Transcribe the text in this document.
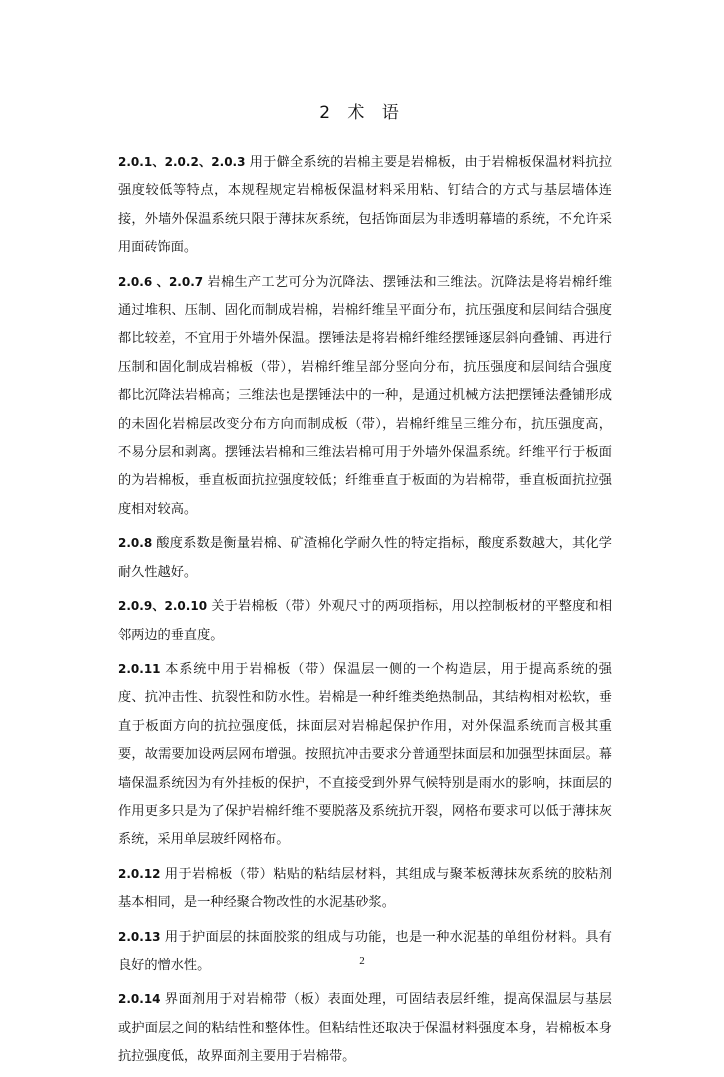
2 术 语

2.0.1、2.0.2、2.0.3 用于僻全系统的岩棉主要是岩棉板，由于岩棉板保温材料抗拉强度较低等特点，本规程规定岩棉板保温材料采用粘、钉结合的方式与基层墙体连接，外墙外保温系统只限于薄抹灰系统，包括饰面层为非透明幕墙的系统，不允许采用面砖饰面。

2.0.6 、2.0.7 岩棉生产工艺可分为沉降法、摆锤法和三维法。沉降法是将岩棉纤维通过堆积、压制、固化而制成岩棉，岩棉纤维呈平面分布，抗压强度和层间结合强度都比较差，不宜用于外墙外保温。摆锤法是将岩棉纤维经摆锤逐层斜向叠铺、再进行压制和固化制成岩棉板（带），岩棉纤维呈部分竖向分布，抗压强度和层间结合强度都比沉降法岩棉高；三维法也是摆锤法中的一种，是通过机械方法把摆锤法叠铺形成的未固化岩棉层改变分布方向而制成板（带），岩棉纤维呈三维分布，抗压强度高，不易分层和剥离。摆锤法岩棉和三维法岩棉可用于外墙外保温系统。纤维平行于板面的为岩棉板，垂直板面抗拉强度较低；纤维垂直于板面的为岩棉带，垂直板面抗拉强度相对较高。

2.0.8 酸度系数是衡量岩棉、矿渣棉化学耐久性的特定指标，酸度系数越大，其化学耐久性越好。

2.0.9、2.0.10 关于岩棉板（带）外观尺寸的两项指标，用以控制板材的平整度和相邻两边的垂直度。

2.0.11 本系统中用于岩棉板（带）保温层一侧的一个构造层，用于提高系统的强度、抗冲击性、抗裂性和防水性。岩棉是一种纤维类绝热制品，其结构相对松软，垂直于板面方向的抗拉强度低，抹面层对岩棉起保护作用，对外保温系统而言极其重要，故需要加设两层网布增强。按照抗冲击要求分普通型抹面层和加强型抹面层。幕墙保温系统因为有外挂板的保护，不直接受到外界气候特别是雨水的影响，抹面层的作用更多只是为了保护岩棉纤维不要脱落及系统抗开裂，网格布要求可以低于薄抹灰系统，采用单层玻纤网格布。

2.0.12 用于岩棉板（带）粘贴的粘结层材料，其组成与聚苯板薄抹灰系统的胶粘剂基本相同，是一种经聚合物改性的水泥基砂浆。

2.0.13 用于护面层的抹面胶浆的组成与功能，也是一种水泥基的单组份材料。具有良好的憎水性。

2.0.14 界面剂用于对岩棉带（板）表面处理，可固结表层纤维，提高保温层与基层或护面层之间的粘结性和整体性。但粘结性还取决于保温材料强度本身，岩棉板本身抗拉强度低，故界面剂主要用于岩棉带。

2
